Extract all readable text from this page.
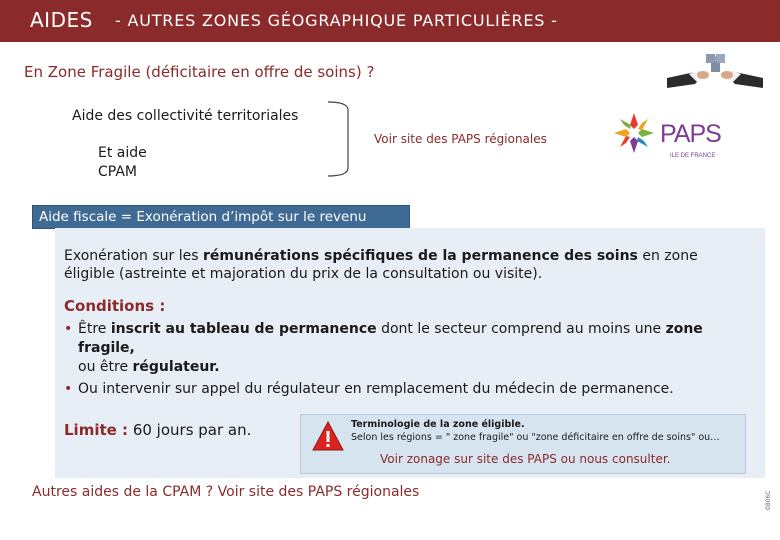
AIDES - AUTRES ZONES GÉOGRAPHIQUE PARTICULIÈRES -
En Zone Fragile (déficitaire en offre de soins) ?
Aide des collectivité territoriales
Et aide
CPAM
Voir site des PAPS régionales	PAPS
ILE DE FRANCE
Aide fiscale = Exonération d’impôt sur le revenu
Exonération sur les rémunérations spécifiques de la permanence des soins en zone éligible (astreinte et majoration du prix de la consultation ou visite).
Conditions :
• Être inscrit au tableau de permanence dont le secteur comprend au moins une zone fragile,
ou être régulateur.
• Ou intervenir sur appel du régulateur en remplacement du médecin de permanence.
Limite : 60 jours par an.	Terminologie de la zone éligible.
Selon les régions = " zone fragile" ou "zone déficitaire en offre de soins" ou…
Voir zonage sur site des PAPS ou nous consulter.
Autres aides de la CPAM ? Voir site des PAPS régionales	0806C
